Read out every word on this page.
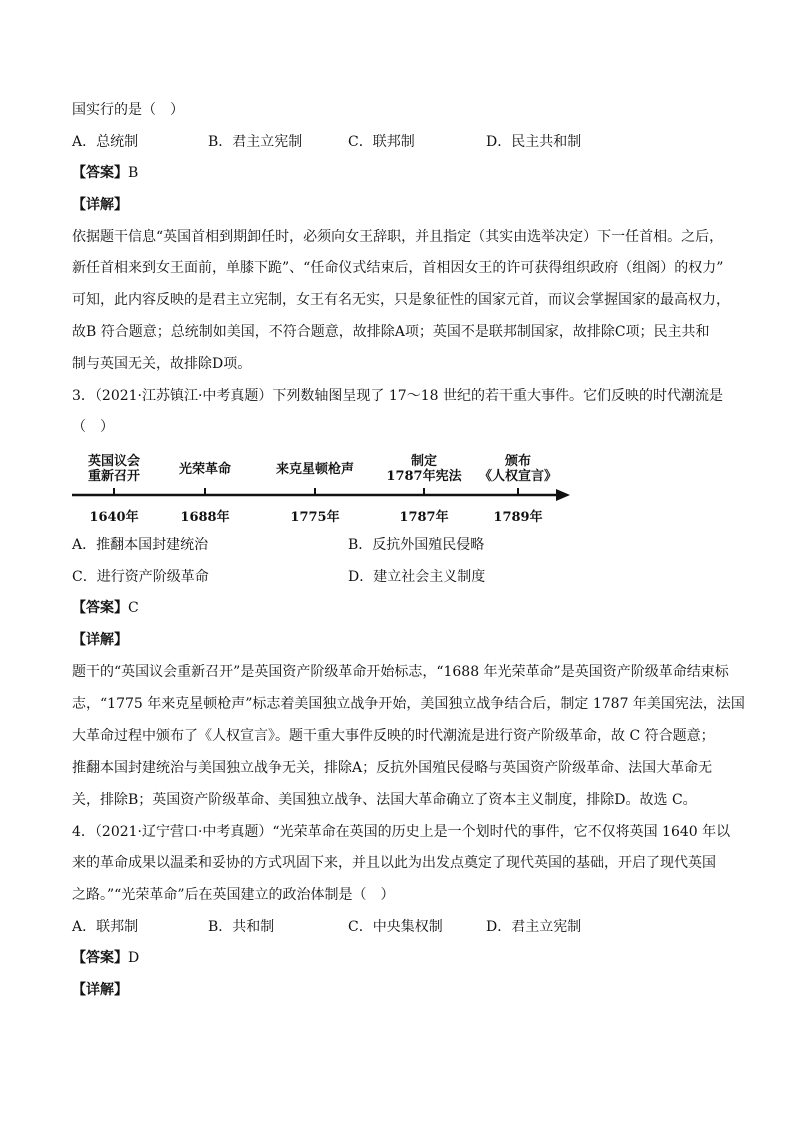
国实行的是（　）
A．总统制	B．君主立宪制	C．联邦制	D．民主共和制
【答案】B
【详解】
依据题干信息“英国首相到期卸任时，必须向女王辞职，并且指定（其实由选举决定）下一任首相。之后，
新任首相来到女王面前，单膝下跪”、“任命仪式结束后，首相因女王的许可获得组织政府（组阁）的权力”
可知，此内容反映的是君主立宪制，女王有名无实，只是象征性的国家元首，而议会掌握国家的最高权力，
故B 符合题意；总统制如美国，不符合题意，故排除A项；英国不是联邦制国家，故排除C项；民主共和
制与英国无关，故排除D项。
3．（2021·江苏镇江·中考真题）下列数轴图呈现了 17～18 世纪的若干重大事件。它们反映的时代潮流是
（　）
英国议会
重新召开	光荣革命	来克星顿枪声
制定
1787年宪法
颁布
《人权宣言》
1640年	1688年	1775年	1787年	1789年
A．推翻本国封建统治	B．反抗外国殖民侵略
C．进行资产阶级革命	D．建立社会主义制度
【答案】C
【详解】
题干的“英国议会重新召开”是英国资产阶级革命开始标志，“1688 年光荣革命”是英国资产阶级革命结束标
志，“1775 年来克星顿枪声”标志着美国独立战争开始，美国独立战争结合后，制定 1787 年美国宪法，法国
大革命过程中颁布了《人权宣言》。题干重大事件反映的时代潮流是进行资产阶级革命，故 C 符合题意；
推翻本国封建统治与美国独立战争无关，排除A；反抗外国殖民侵略与英国资产阶级革命、法国大革命无
关，排除B；英国资产阶级革命、美国独立战争、法国大革命确立了资本主义制度，排除D。故选 C。
4．（2021·辽宁营口·中考真题）“光荣革命在英国的历史上是一个划时代的事件，它不仅将英国 1640 年以
来的革命成果以温柔和妥协的方式巩固下来，并且以此为出发点奠定了现代英国的基础，开启了现代英国
之路。”“光荣革命”后在英国建立的政治体制是（　）
A．联邦制	B．共和制	C．中央集权制	D．君主立宪制
【答案】D
【详解】
